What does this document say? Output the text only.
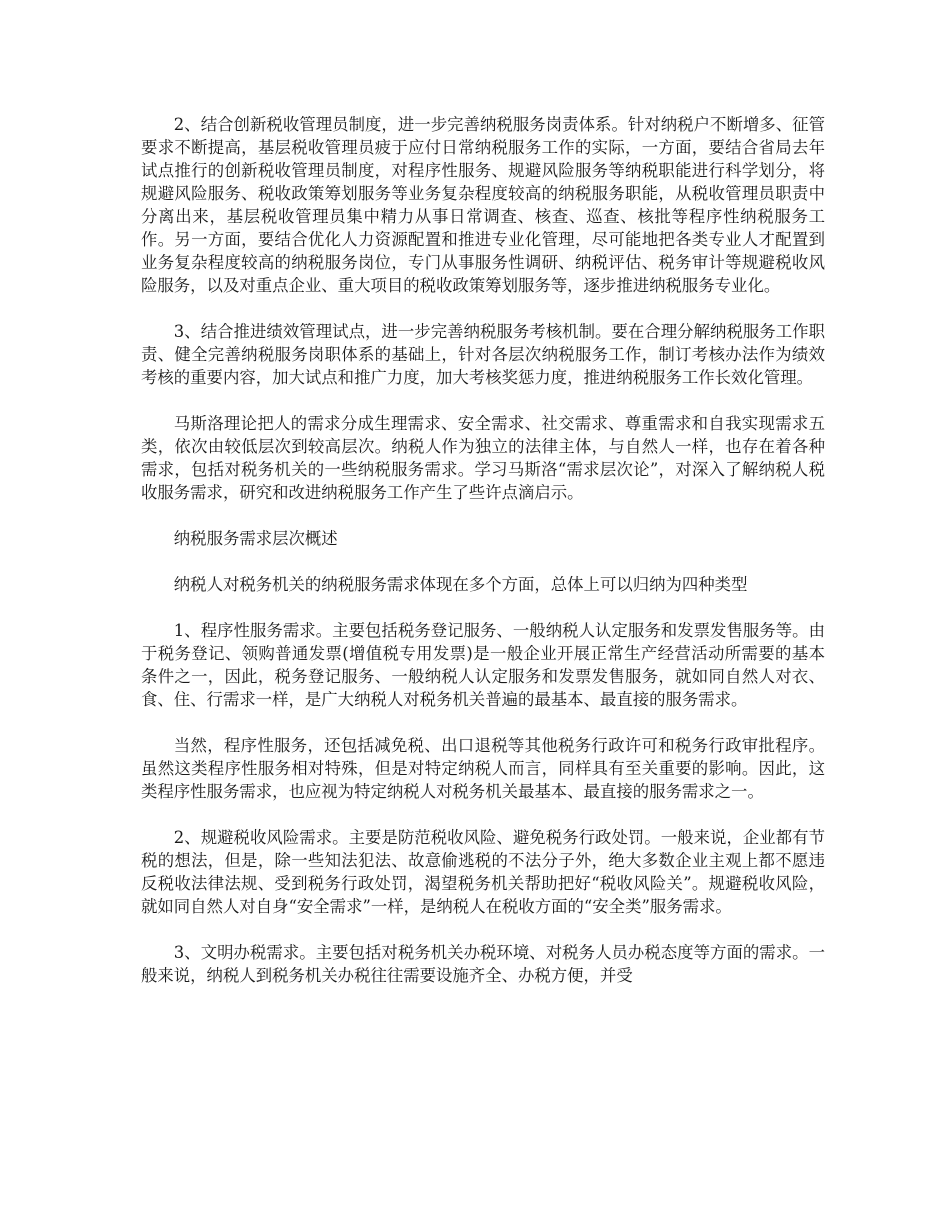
2、结合创新税收管理员制度，进一步完善纳税服务岗责体系。针对纳税户不断增多、征管要求不断提高，基层税收管理员疲于应付日常纳税服务工作的实际，一方面，要结合省局去年试点推行的创新税收管理员制度，对程序性服务、规避风险服务等纳税职能进行科学划分，将规避风险服务、税收政策筹划服务等业务复杂程度较高的纳税服务职能，从税收管理员职责中分离出来，基层税收管理员集中精力从事日常调查、核查、巡查、核批等程序性纳税服务工作。另一方面，要结合优化人力资源配置和推进专业化管理，尽可能地把各类专业人才配置到业务复杂程度较高的纳税服务岗位，专门从事服务性调研、纳税评估、税务审计等规避税收风险服务，以及对重点企业、重大项目的税收政策筹划服务等，逐步推进纳税服务专业化。

3、结合推进绩效管理试点，进一步完善纳税服务考核机制。要在合理分解纳税服务工作职责、健全完善纳税服务岗职体系的基础上，针对各层次纳税服务工作，制订考核办法作为绩效考核的重要内容，加大试点和推广力度，加大考核奖惩力度，推进纳税服务工作长效化管理。

马斯洛理论把人的需求分成生理需求、安全需求、社交需求、尊重需求和自我实现需求五类，依次由较低层次到较高层次。纳税人作为独立的法律主体，与自然人一样，也存在着各种需求，包括对税务机关的一些纳税服务需求。学习马斯洛“需求层次论”，对深入了解纳税人税收服务需求，研究和改进纳税服务工作产生了些许点滴启示。

纳税服务需求层次概述

纳税人对税务机关的纳税服务需求体现在多个方面，总体上可以归纳为四种类型

1、程序性服务需求。主要包括税务登记服务、一般纳税人认定服务和发票发售服务等。由于税务登记、领购普通发票(增值税专用发票)是一般企业开展正常生产经营活动所需要的基本条件之一，因此，税务登记服务、一般纳税人认定服务和发票发售服务，就如同自然人对衣、食、住、行需求一样，是广大纳税人对税务机关普遍的最基本、最直接的服务需求。

当然，程序性服务，还包括减免税、出口退税等其他税务行政许可和税务行政审批程序。虽然这类程序性服务相对特殊，但是对特定纳税人而言，同样具有至关重要的影响。因此，这类程序性服务需求，也应视为特定纳税人对税务机关最基本、最直接的服务需求之一。

2、规避税收风险需求。主要是防范税收风险、避免税务行政处罚。一般来说，企业都有节税的想法，但是，除一些知法犯法、故意偷逃税的不法分子外，绝大多数企业主观上都不愿违反税收法律法规、受到税务行政处罚，渴望税务机关帮助把好“税收风险关”。规避税收风险，就如同自然人对自身“安全需求”一样，是纳税人在税收方面的“安全类”服务需求。

3、文明办税需求。主要包括对税务机关办税环境、对税务人员办税态度等方面的需求。一般来说，纳税人到税务机关办税往往需要设施齐全、办税方便，并受
